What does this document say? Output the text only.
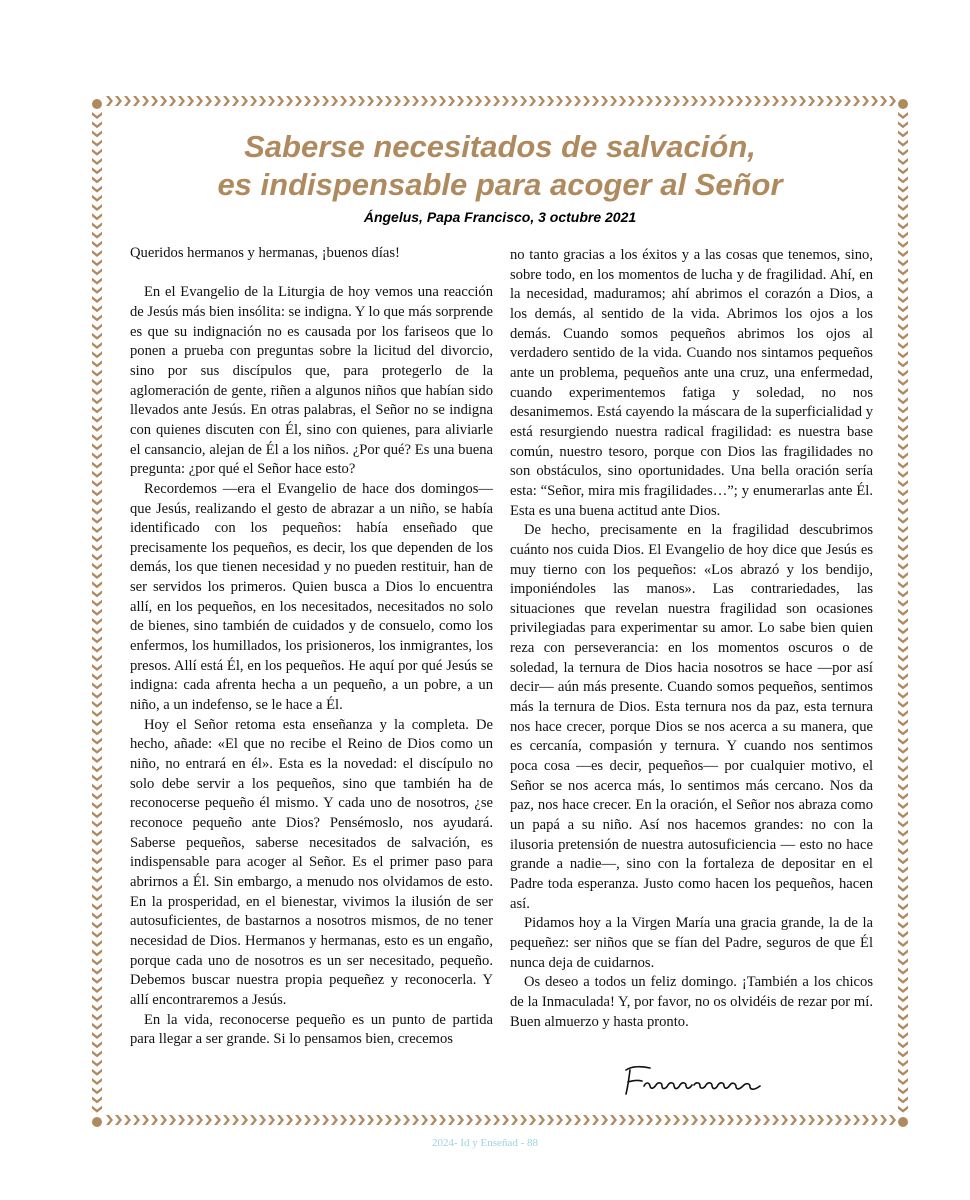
Saberse necesitados de salvación,
es indispensable para acoger al Señor

Ángelus, Papa Francisco, 3 octubre 2021

Queridos hermanos y hermanas, ¡buenos días!

En el Evangelio de la Liturgia de hoy vemos una reacción de Jesús más bien insólita: se indigna. Y lo que más sorprende es que su indignación no es causada por los fariseos que lo ponen a prueba con preguntas sobre la licitud del divorcio, sino por sus discípulos que, para protegerlo de la aglomeración de gente, riñen a algunos niños que habían sido llevados ante Jesús. En otras palabras, el Señor no se indigna con quienes discuten con Él, sino con quienes, para aliviarle el cansancio, alejan de Él a los niños. ¿Por qué? Es una buena pregunta: ¿por qué el Señor hace esto?

Recordemos —era el Evangelio de hace dos domingos— que Jesús, realizando el gesto de abrazar a un niño, se había identificado con los pequeños: había enseñado que precisamente los pequeños, es decir, los que dependen de los demás, los que tienen necesidad y no pueden restituir, han de ser servidos los primeros. Quien busca a Dios lo encuentra allí, en los pequeños, en los necesitados, necesitados no solo de bienes, sino también de cuidados y de consuelo, como los enfermos, los humillados, los prisioneros, los inmigrantes, los presos. Allí está Él, en los pequeños. He aquí por qué Jesús se indigna: cada afrenta hecha a un pequeño, a un pobre, a un niño, a un indefenso, se le hace a Él.

Hoy el Señor retoma esta enseñanza y la completa. De hecho, añade: «El que no recibe el Reino de Dios como un niño, no entrará en él». Esta es la novedad: el discípulo no solo debe servir a los pequeños, sino que también ha de reconocerse pequeño él mismo. Y cada uno de nosotros, ¿se reconoce pequeño ante Dios? Pensémoslo, nos ayudará. Saberse pequeños, saberse necesitados de salvación, es indispensable para acoger al Señor. Es el primer paso para abrirnos a Él. Sin embargo, a menudo nos olvidamos de esto. En la prosperidad, en el bienestar, vivimos la ilusión de ser autosuficientes, de bastarnos a nosotros mismos, de no tener necesidad de Dios. Hermanos y hermanas, esto es un engaño, porque cada uno de nosotros es un ser necesitado, pequeño. Debemos buscar nuestra propia pequeñez y reconocerla. Y allí encontraremos a Jesús.

En la vida, reconocerse pequeño es un punto de partida para llegar a ser grande. Si lo pensamos bien, crecemos

no tanto gracias a los éxitos y a las cosas que tenemos, sino, sobre todo, en los momentos de lucha y de fragilidad. Ahí, en la necesidad, maduramos; ahí abrimos el corazón a Dios, a los demás, al sentido de la vida. Abrimos los ojos a los demás. Cuando somos pequeños abrimos los ojos al verdadero sentido de la vida. Cuando nos sintamos pequeños ante un problema, pequeños ante una cruz, una enfermedad, cuando experimentemos fatiga y soledad, no nos desanimemos. Está cayendo la máscara de la superficialidad y está resurgiendo nuestra radical fragilidad: es nuestra base común, nuestro tesoro, porque con Dios las fragilidades no son obstáculos, sino oportunidades. Una bella oración sería esta: “Señor, mira mis fragilidades…”; y enumerarlas ante Él. Esta es una buena actitud ante Dios.

De hecho, precisamente en la fragilidad descubrimos cuánto nos cuida Dios. El Evangelio de hoy dice que Jesús es muy tierno con los pequeños: «Los abrazó y los bendijo, imponiéndoles las manos». Las contrariedades, las situaciones que revelan nuestra fragilidad son ocasiones privilegiadas para experimentar su amor. Lo sabe bien quien reza con perseverancia: en los momentos oscuros o de soledad, la ternura de Dios hacia nosotros se hace —por así decir— aún más presente. Cuando somos pequeños, sentimos más la ternura de Dios. Esta ternura nos da paz, esta ternura nos hace crecer, porque Dios se nos acerca a su manera, que es cercanía, compasión y ternura. Y cuando nos sentimos poca cosa —es decir, pequeños— por cualquier motivo, el Señor se nos acerca más, lo sentimos más cercano. Nos da paz, nos hace crecer. En la oración, el Señor nos abraza como un papá a su niño. Así nos hacemos grandes: no con la ilusoria pretensión de nuestra autosuficiencia — esto no hace grande a nadie—, sino con la fortaleza de depositar en el Padre toda esperanza. Justo como hacen los pequeños, hacen así.

Pidamos hoy a la Virgen María una gracia grande, la de la pequeñez: ser niños que se fían del Padre, seguros de que Él nunca deja de cuidarnos.

Os deseo a todos un feliz domingo. ¡También a los chicos de la Inmaculada! Y, por favor, no os olvidéis de rezar por mí. Buen almuerzo y hasta pronto.

2024- Id y Enseñad - 88
